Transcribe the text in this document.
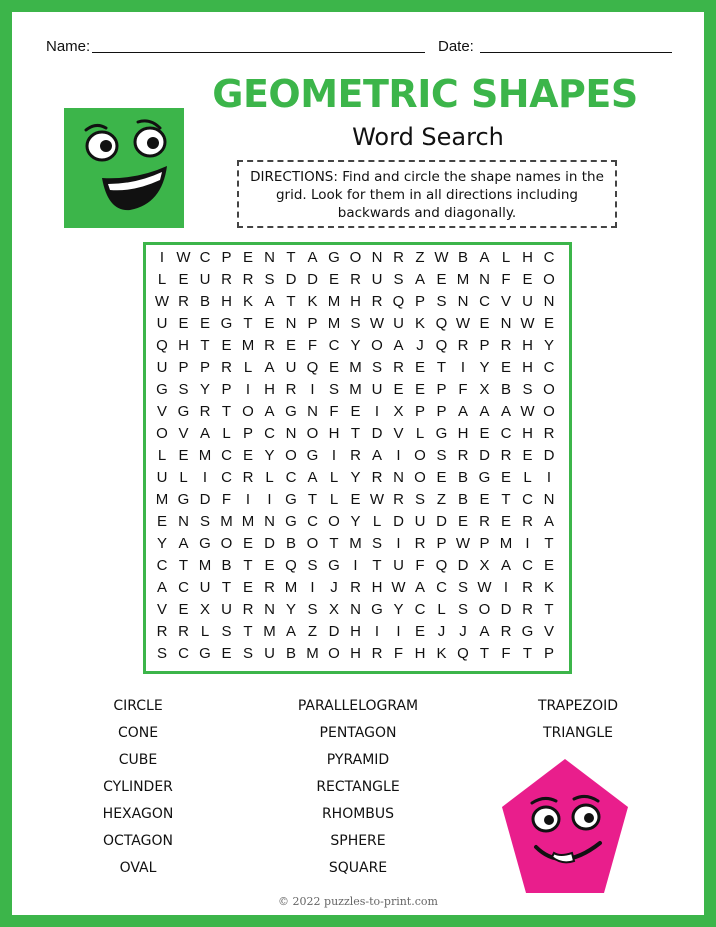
Name:	Date:
GEOMETRIC SHAPES
Word Search
DIRECTIONS: Find and circle the shape names in the grid. Look for them in all directions including backwards and diagonally.
I W C P E N T A G O N R Z W B A L H C
L E U R R S D D E R U S A E M N F E O
W R B H K A T K M H R Q P S N C V U N
U E E G T E N P M S W U K Q W E N W E
Q H T E M R E F C Y O A J Q R P R H Y
U P P R L A U Q E M S R E T I Y E H C
G S Y P I H R I S M U E E P F X B S O
V G R T O A G N F E I X P P A A A W O
O V A L P C N O H T D V L G H E C H R
L E M C E Y O G I R A I O S R D R E D
U L	I C R L C A L Y R N O E B G E L	I
M G D F I	I G T L E W R S Z B E T C N
E N S M M N G C O Y L D U D E R E R A
Y A G O E D B O T M S I R P W P M I T
C T M B T E Q S G I T U F Q D X A C E
A C U T E R M I	J R H W A C S W I R K
V E X U R N Y S X N G Y C L S O D R T
R R L S T M A Z D H I	I E J J A R G V
S C G E S U B M O H R F H K Q T F T P
CIRCLE
CONE
CUBE
CYLINDER
HEXAGON
OCTAGON
OVAL
PARALLELOGRAM
PENTAGON
PYRAMID
RECTANGLE
RHOMBUS
SPHERE
SQUARE
TRAPEZOID
TRIANGLE
© 2022 puzzles-to-print.com
